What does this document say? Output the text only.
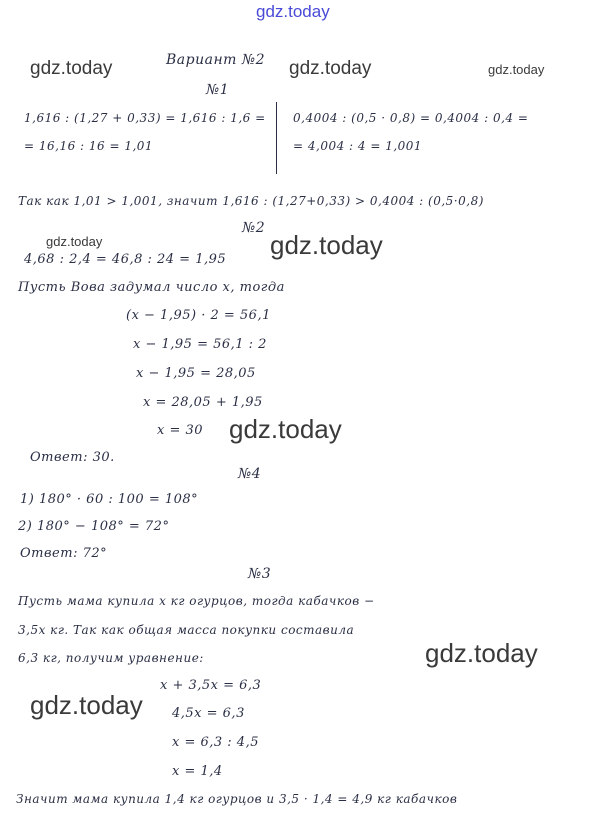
gdz.today
gdz.today	gdz.today	gdz.today
gdz.today	gdz.today
gdz.today
gdz.today
gdz.today
Вариант №2
№1
1,616 : (1,27 + 0,33) = 1,616 : 1,6 =
= 16,16 : 16 = 1,01
0,4004 : (0,5 · 0,8) = 0,4004 : 0,4 =
= 4,004 : 4 = 1,001
Так как 1,01 > 1,001, значит 1,616 : (1,27+0,33) > 0,4004 : (0,5·0,8)
№2
4,68 : 2,4 = 46,8 : 24 = 1,95
Пусть Вова задумал число x, тогда
(x − 1,95) · 2 = 56,1
x − 1,95 = 56,1 : 2
x − 1,95 = 28,05
x = 28,05 + 1,95
x = 30
Ответ: 30.
№4
1) 180° · 60 : 100 = 108°
2) 180° − 108° = 72°
Ответ: 72°
№3
Пусть мама купила x кг огурцов, тогда кабачков −
3,5x кг. Так как общая масса покупки составила
6,3 кг, получим уравнение:
x + 3,5x = 6,3
4,5x = 6,3
x = 6,3 : 4,5
x = 1,4
Значит мама купила 1,4 кг огурцов и 3,5 · 1,4 = 4,9 кг кабачков
